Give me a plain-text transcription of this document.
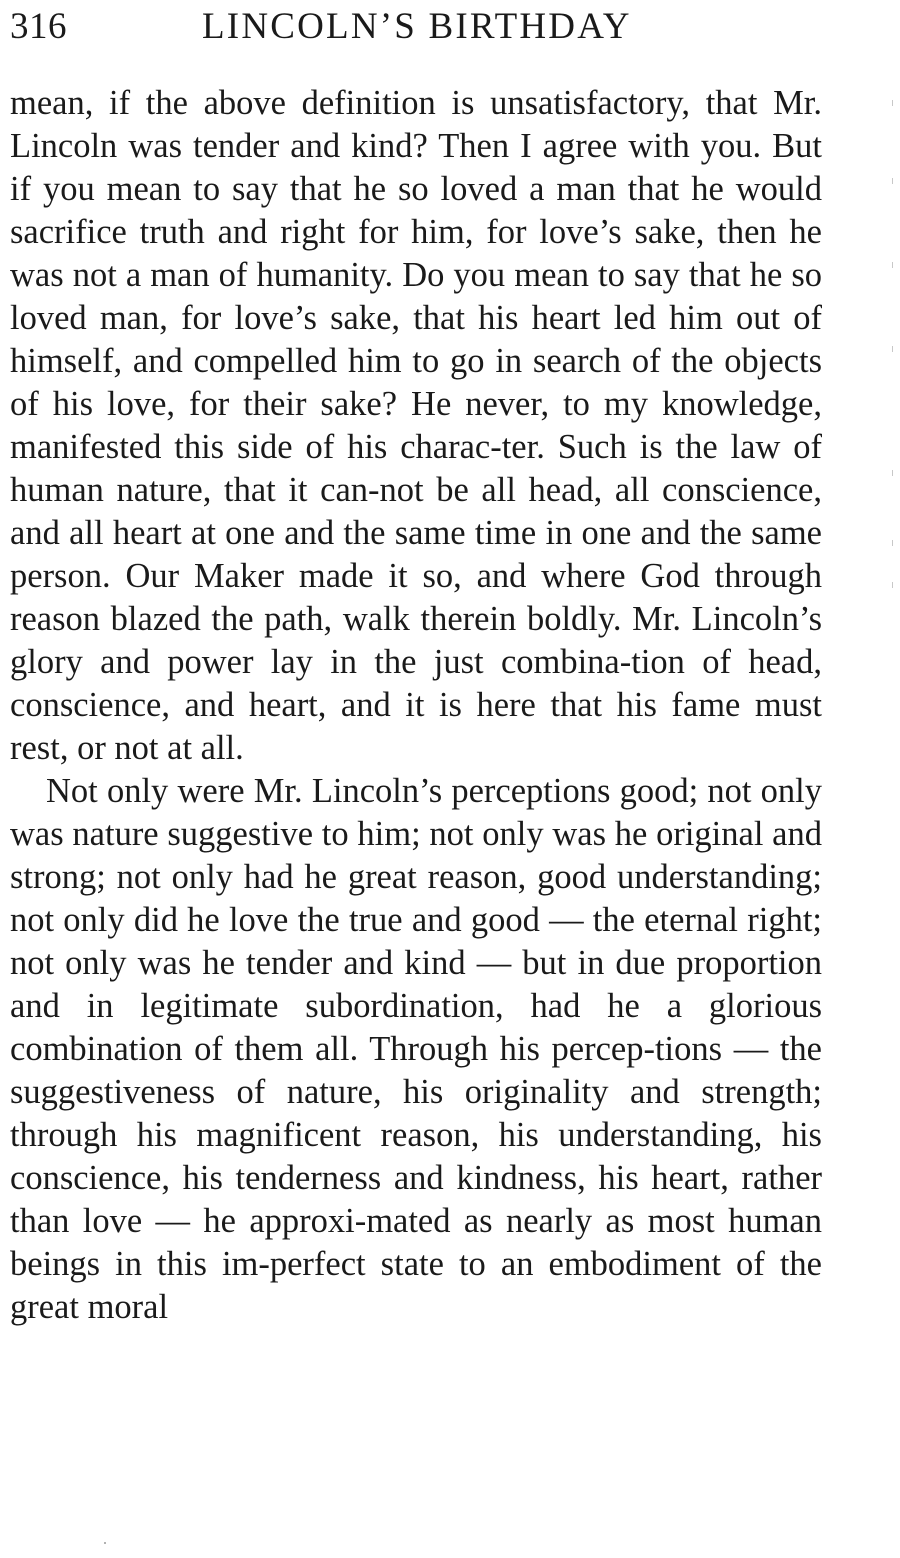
316	LINCOLN’S BIRTHDAY

mean, if the above definition is unsatisfactory, that Mr. Lincoln was tender and kind? Then I agree with you. But if you mean to say that he so loved a man that he would sacrifice truth and right for him, for love’s sake, then he was not a man of humanity. Do you mean to say that he so loved man, for love’s sake, that his heart led him out of himself, and compelled him to go in search of the objects of his love, for their sake? He never, to my knowledge, manifested this side of his charac-ter. Such is the law of human nature, that it can-not be all head, all conscience, and all heart at one and the same time in one and the same person. Our Maker made it so, and where God through reason blazed the path, walk therein boldly. Mr. Lincoln’s glory and power lay in the just combina-tion of head, conscience, and heart, and it is here that his fame must rest, or not at all.

Not only were Mr. Lincoln’s perceptions good; not only was nature suggestive to him; not only was he original and strong; not only had he great reason, good understanding; not only did he love the true and good — the eternal right; not only was he tender and kind — but in due proportion and in legitimate subordination, had he a glorious combination of them all. Through his percep-tions — the suggestiveness of nature, his originality and strength; through his magnificent reason, his understanding, his conscience, his tenderness and kindness, his heart, rather than love — he approxi-mated as nearly as most human beings in this im-perfect state to an embodiment of the great moral
